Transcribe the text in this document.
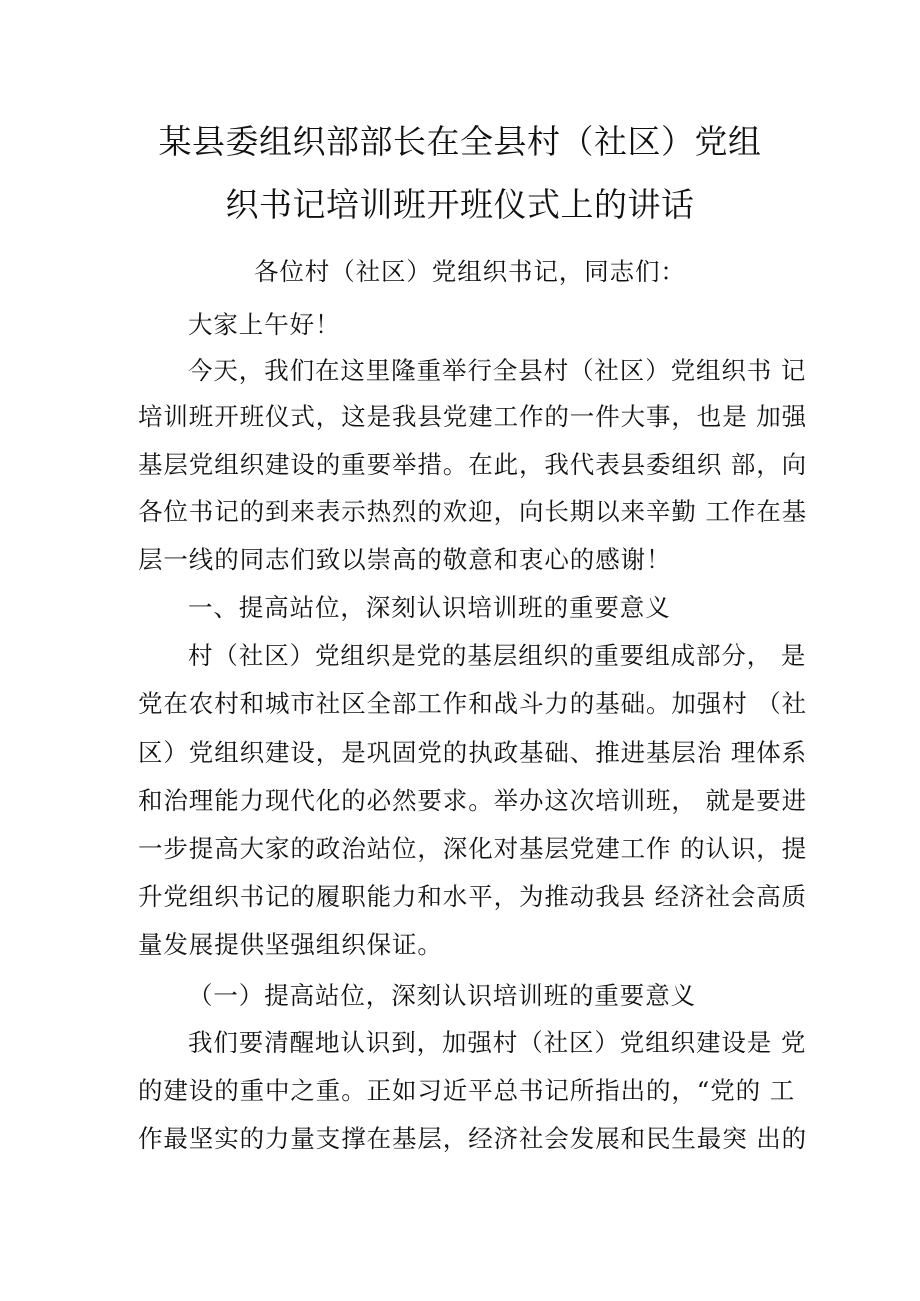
某县委组织部部长在全县村（社区）党组
织书记培训班开班仪式上的讲话
各位村（社区）党组织书记，同志们：
大家上午好！
今天，我们在这里隆重举行全县村（社区）党组织书 记
培训班开班仪式，这是我县党建工作的一件大事，也是 加强
基层党组织建设的重要举措。在此，我代表县委组织 部，向
各位书记的到来表示热烈的欢迎，向长期以来辛勤 工作在基
层一线的同志们致以崇高的敬意和衷心的感谢！
一、提高站位，深刻认识培训班的重要意义
村（社区）党组织是党的基层组织的重要组成部分， 是
党在农村和城市社区全部工作和战斗力的基础。加强村 （社
区）党组织建设，是巩固党的执政基础、推进基层治 理体系
和治理能力现代化的必然要求。举办这次培训班， 就是要进
一步提高大家的政治站位，深化对基层党建工作 的认识，提
升党组织书记的履职能力和水平，为推动我县 经济社会高质
量发展提供坚强组织保证。
（一）提高站位，深刻认识培训班的重要意义
我们要清醒地认识到，加强村（社区）党组织建设是 党
的建设的重中之重。正如习近平总书记所指出的，“党的 工
作最坚实的力量支撑在基层，经济社会发展和民生最突 出的
